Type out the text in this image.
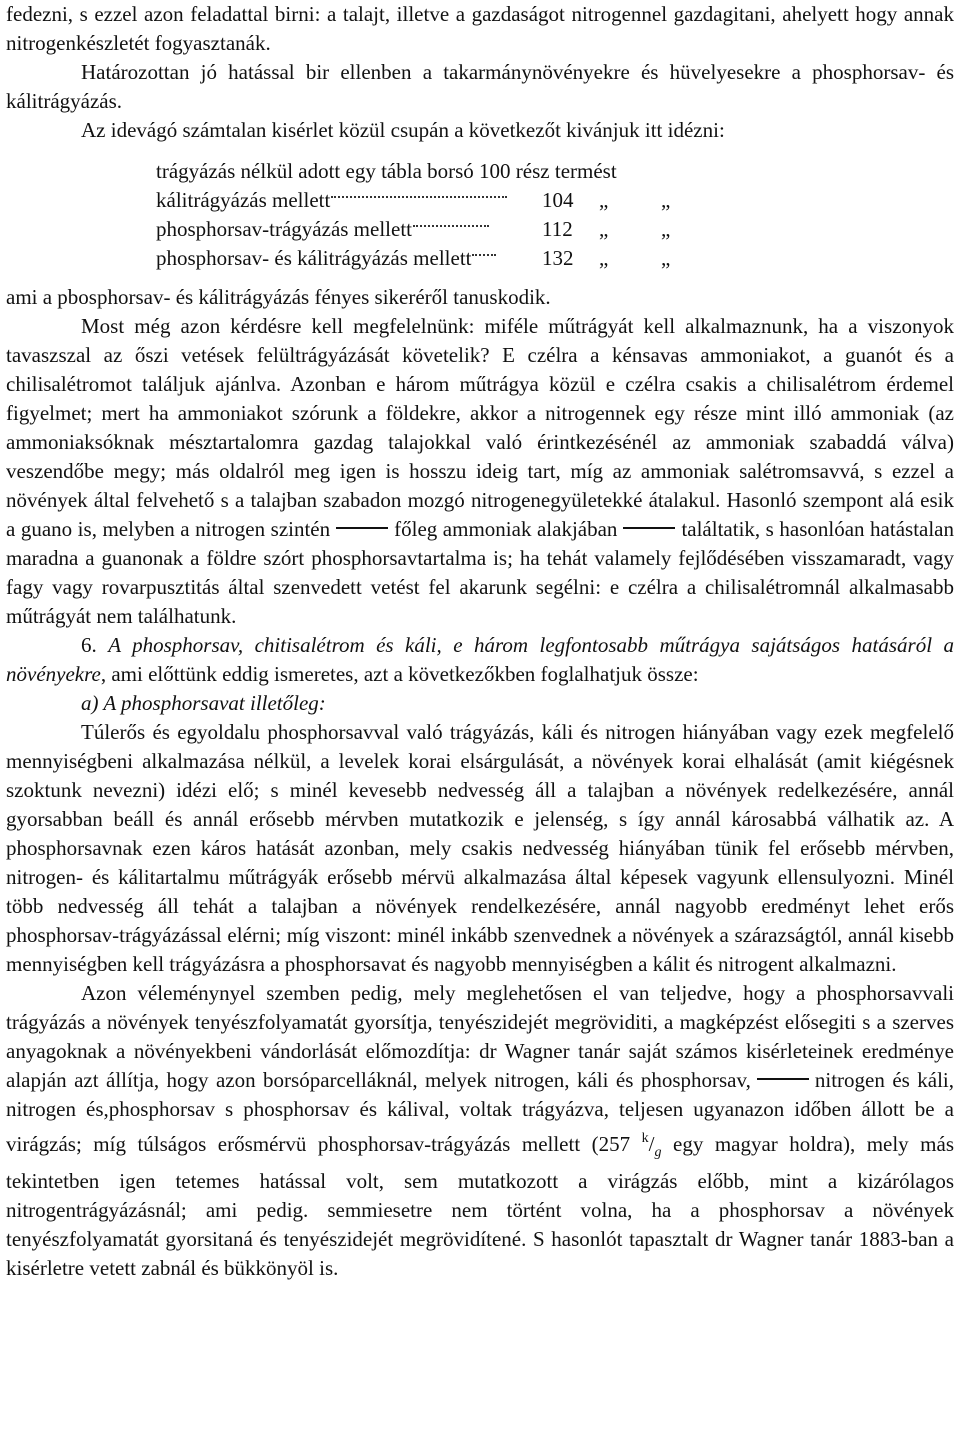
fedezni, s ezzel azon feladattal birni: a talajt, illetve a gazdaságot nitrogennel gazdagitani, ahelyett hogy annak nitrogenkészletét fogyasztanák.

Határozottan jó hatással bir ellenben a takarmánynövényekre és hüvelyesekre a phosphorsav- és kálitrágyázás.

Az idevágó számtalan kisérlet közül csupán a következőt kivánjuk itt idézni:

trágyázás nélkül adott egy tábla borsó 100 rész termést
kálitrágyázás mellett	104 „	„
phosphorsav-trágyázás mellett	112 „	„
phosphorsav- és kálitrágyázás mellett	132 „	„

ami a pbosphorsav- és kálitrágyázás fényes sikeréről tanuskodik.

Most még azon kérdésre kell megfelelnünk: miféle műtrágyát kell alkalmaznunk, ha a viszonyok tavaszszal az őszi vetések felültrágyázását követelik? E czélra a kénsavas ammoniakot, a guanót és a chilisalétromot találjuk ajánlva. Azonban e három műtrágya közül e czélra csakis a chilisalétrom érdemel figyelmet; mert ha ammoniakot szórunk a földekre, akkor a nitrogennek egy része mint illó ammoniak (az ammoniaksóknak mésztartalomra gazdag talajokkal való érintkezésénél az ammoniak szabaddá válva) veszendőbe megy; más oldalról meg igen is hosszu ideig tart, míg az ammoniak salétromsavvá, s ezzel a növények által felvehető s a talajban szabadon mozgó nitrogenegyületekké átalakul. Hasonló szempont alá esik a guano is, melyben a nitrogen szintén	főleg ammoniak alakjában	találtatik, s hasonlóan hatástalan maradna a guanonak a földre szórt phosphorsavtartalma is; ha tehát valamely fejlődésében visszamaradt, vagy fagy vagy rovarpusztitás által szenvedett vetést fel akarunk segélni: e czélra a chilisalétromnál alkalmasabb műtrágyát nem találhatunk.

6. A phosphorsav, chitisalétrom és káli, e három legfontosabb műtrágya sajátságos hatásáról a növényekre, ami előttünk eddig ismeretes, azt a következőkben foglalhatjuk össze:

a) A phosphorsavat illetőleg:

Túlerős és egyoldalu phosphorsavval való trágyázás, káli és nitrogen hiányában vagy ezek megfelelő mennyiségbeni alkalmazása nélkül, a levelek korai elsárgulását, a növények korai elhalását (amit kiégésnek szoktunk nevezni) idézi elő; s minél kevesebb nedvesség áll a talajban a növények redelkezésére, annál gyorsabban beáll és annál erősebb mérvben mutatkozik e jelenség, s így annál károsabbá válhatik az. A phosphorsavnak ezen káros hatását azonban, mely csakis nedvesség hiányában tünik fel erősebb mérvben, nitrogen- és kálitartalmu műtrágyák erősebb mérvü alkalmazása által képesek vagyunk ellensulyozni. Minél több nedvesség áll tehát a talajban a növények rendelkezésére, annál nagyobb eredményt lehet erős phosphorsav-trágyázással elérni; míg viszont: minél inkább szenvednek a növények a szárazságtól, annál kisebb mennyiségben kell trágyázásra a phosphorsavat és nagyobb mennyiségben a kálit és nitrogent alkalmazni.

Azon véleménynyel szemben pedig, mely meglehetősen el van teljedve, hogy a phosphorsavvali trágyázás a növények tenyészfolyamatát gyorsítja, tenyészidejét megröviditi, a magképzést elősegiti s a szerves anyagoknak a növényekbeni vándorlását előmozdítja: dr Wagner tanár saját számos kisérleteinek eredménye alapján azt állítja, hogy azon borsóparcelláknál, melyek nitrogen, káli és phosphorsav,	nitrogen és káli, nitrogen és,phosphorsav s phosphorsav és kálival, voltak trágyázva, teljesen ugyanazon időben állott be a virágzás; míg túlságos erősmérvü phosphorsav-trágyázás mellett (257 $^k/_g$ egy magyar holdra), mely más tekintetben igen tetemes hatással volt, sem mutatkozott a virágzás előbb, mint a kizárólagos nitrogentrágyázásnál; ami pedig. semmiesetre nem történt volna, ha a phosphorsav a növények tenyészfolyamatát gyorsitaná és tenyészidejét megrövidítené. S hasonlót tapasztalt dr Wagner tanár 1883-ban a kisérletre vetett zabnál és bükkönyöl is.
